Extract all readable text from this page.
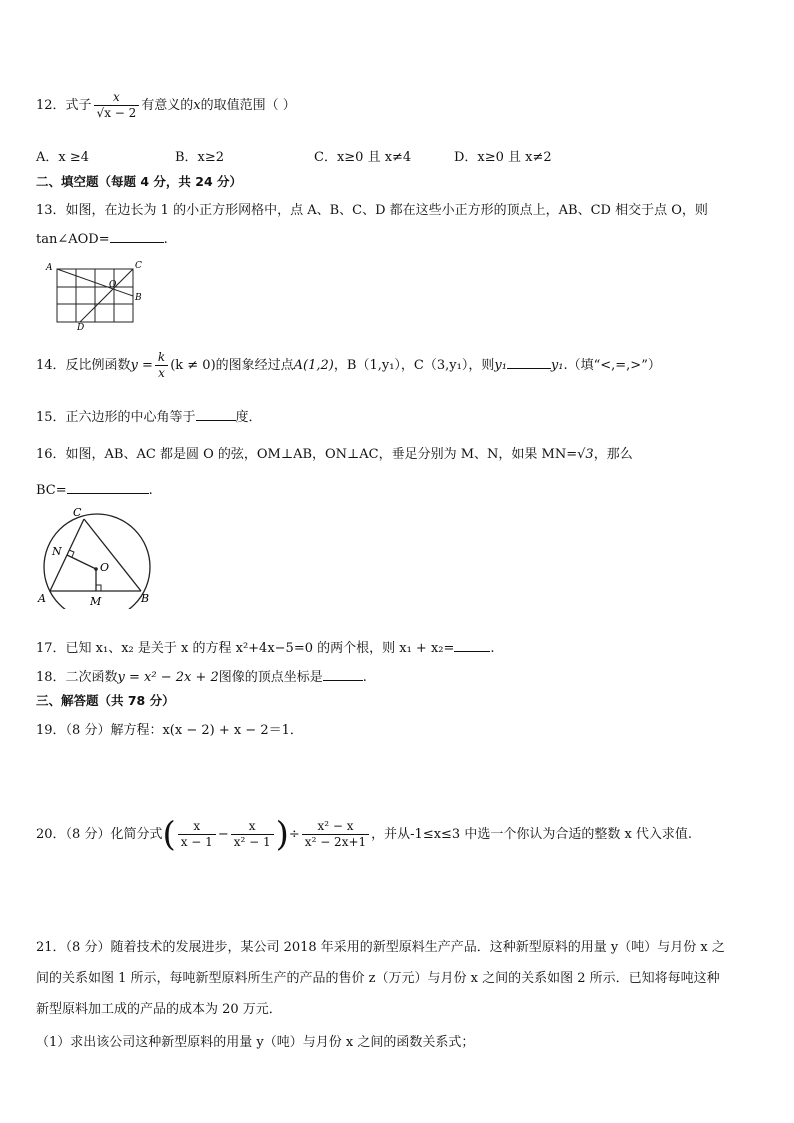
12．式子 $\frac{x}{√x - 2}$ 有意义的x的取值范围（ ）
A．x ≥4	B．x≥2	C．x≥0 且 x≠4	D．x≥0 且 x≠2
二、填空题（每题 4 分，共 24 分）
13．如图，在边长为 1 的小正方形网格中，点 A、B、C、D 都在这些小正方形的顶点上，AB、CD 相交于点 O，则
tan∠AOD=	.
A	C
O
B
D
14．反比例函数$y = \frac{k}{x} (k \ne 0)$的图象经过点A(1,2)，B（1,y₁），C（3,y₁），则y₁	y₁.（填“<,=,>”）
15．正六边形的中心角等于	度．
16．如图，AB、AC 都是圆 O 的弦，OM⊥AB，ON⊥AC，垂足分别为 M、N，如果 MN=√3，那么
BC=	.
C
N
O
A	M	B
17．已知 x₁、x₂ 是关于 x 的方程 x²+4x−5=0 的两个根，则 x₁ + x₂=	.
18．二次函数y = x² − 2x + 2图像的顶点坐标是	.
三、解答题（共 78 分）
19．（8 分）解方程：x(x − 2) + x − 2＝1．
20．（8 分）化简分式( $\frac{x}{x - 1} - \frac{x}{\text{x² − 1}}$ )÷ $\frac{\text{x² − x}}{\text{x² − 2x+1}}$ ，并从-1≤x≤3 中选一个你认为合适的整数 x 代入求值.
21．（8 分）随着技术的发展进步，某公司 2018 年采用的新型原料生产产品．这种新型原料的用量 y（吨）与月份 x 之
间的关系如图 1 所示，每吨新型原料所生产的产品的售价 z（万元）与月份 x 之间的关系如图 2 所示．已知将每吨这种
新型原料加工成的产品的成本为 20 万元．
（1）求出该公司这种新型原料的用量 y（吨）与月份 x 之间的函数关系式；
